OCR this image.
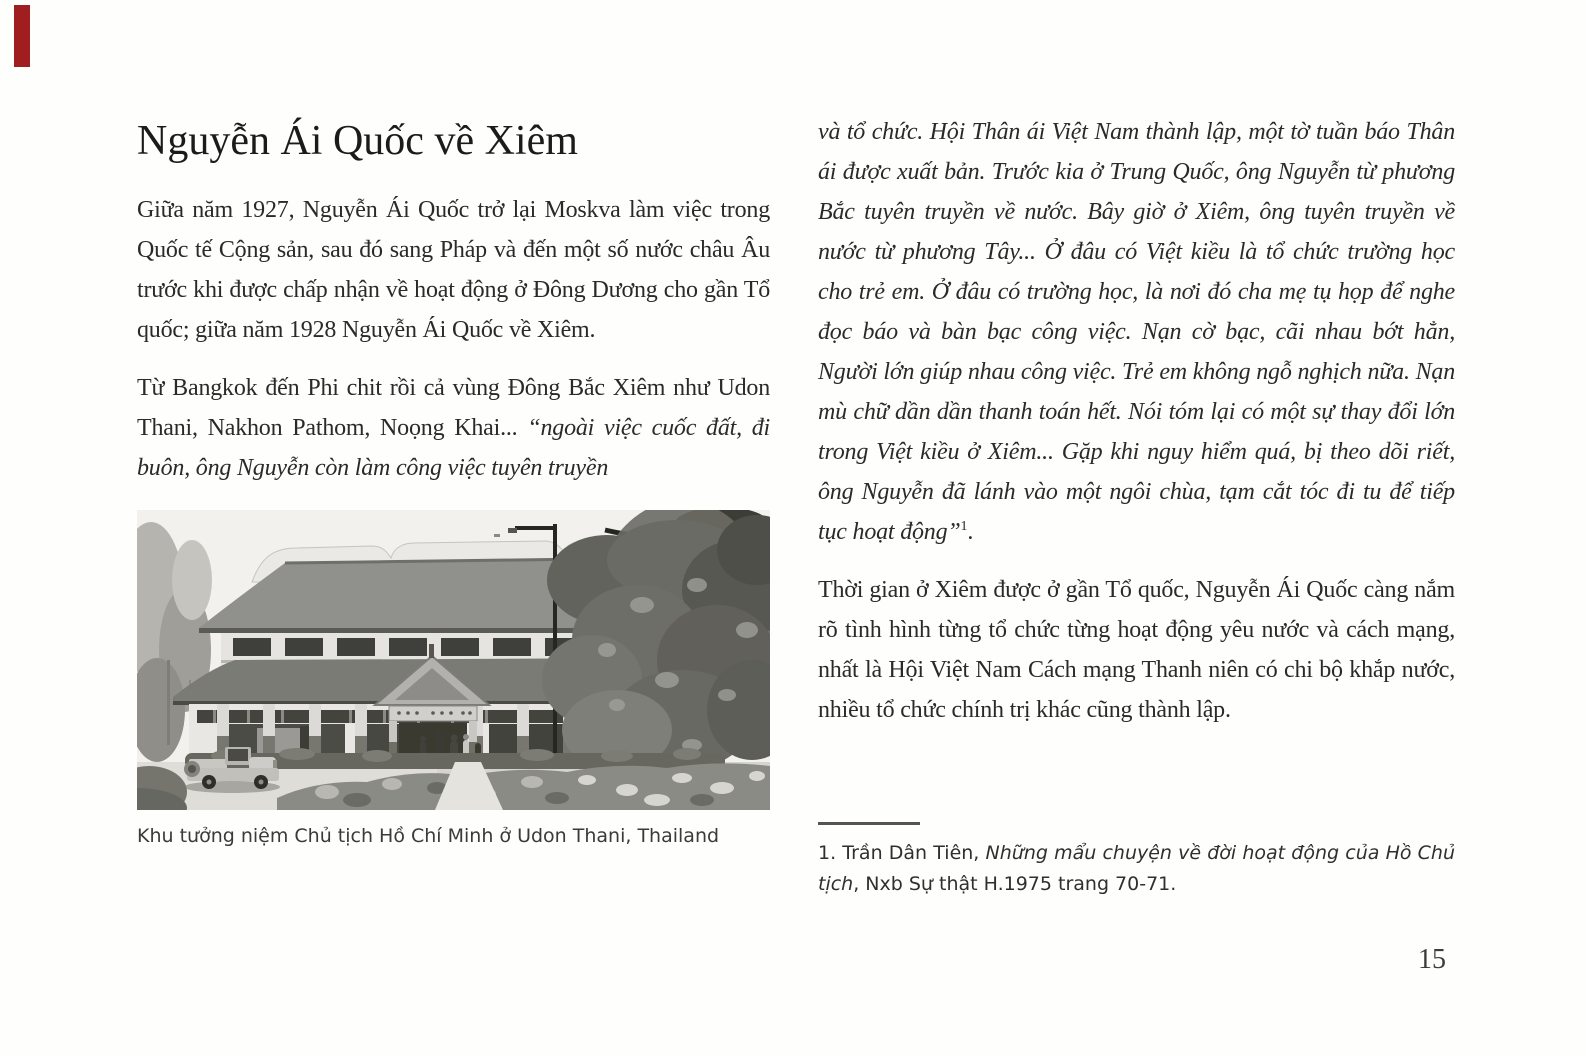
Nguyễn Ái Quốc về Xiêm

Giữa năm 1927, Nguyễn Ái Quốc trở lại Moskva làm việc trong Quốc tế Cộng sản, sau đó sang Pháp và đến một số nước châu Âu trước khi được chấp nhận về hoạt động ở Đông Dương cho gần Tổ quốc; giữa năm 1928 Nguyễn Ái Quốc về Xiêm.

Từ Bangkok đến Phi chit rồi cả vùng Đông Bắc Xiêm như Udon Thani, Nakhon Pathom, Noọng Khai... “ngoài việc cuốc đất, đi buôn, ông Nguyễn còn làm công việc tuyên truyền

Khu tưởng niệm Chủ tịch Hồ Chí Minh ở Udon Thani, Thailand

và tổ chức. Hội Thân ái Việt Nam thành lập, một tờ tuần báo Thân ái được xuất bản. Trước kia ở Trung Quốc, ông Nguyễn từ phương Bắc tuyên truyền về nước. Bây giờ ở Xiêm, ông tuyên truyền về nước từ phương Tây... Ở đâu có Việt kiều là tổ chức trường học cho trẻ em. Ở đâu có trường học, là nơi đó cha mẹ tụ họp để nghe đọc báo và bàn bạc công việc. Nạn cờ bạc, cãi nhau bớt hẳn, Người lớn giúp nhau công việc. Trẻ em không ngỗ nghịch nữa. Nạn mù chữ dần dần thanh toán hết. Nói tóm lại có một sự thay đổi lớn trong Việt kiều ở Xiêm... Gặp khi nguy hiểm quá, bị theo dõi riết, ông Nguyễn đã lánh vào một ngôi chùa, tạm cắt tóc đi tu để tiếp tục hoạt động”$^1$.

Thời gian ở Xiêm được ở gần Tổ quốc, Nguyễn Ái Quốc càng nắm rõ tình hình từng tổ chức từng hoạt động yêu nước và cách mạng, nhất là Hội Việt Nam Cách mạng Thanh niên có chi bộ khắp nước, nhiều tổ chức chính trị khác cũng thành lập.

1. Trần Dân Tiên, Những mẩu chuyện về đời hoạt động của Hồ Chủ tịch, Nxb Sự thật H.1975 trang 70-71.

15
